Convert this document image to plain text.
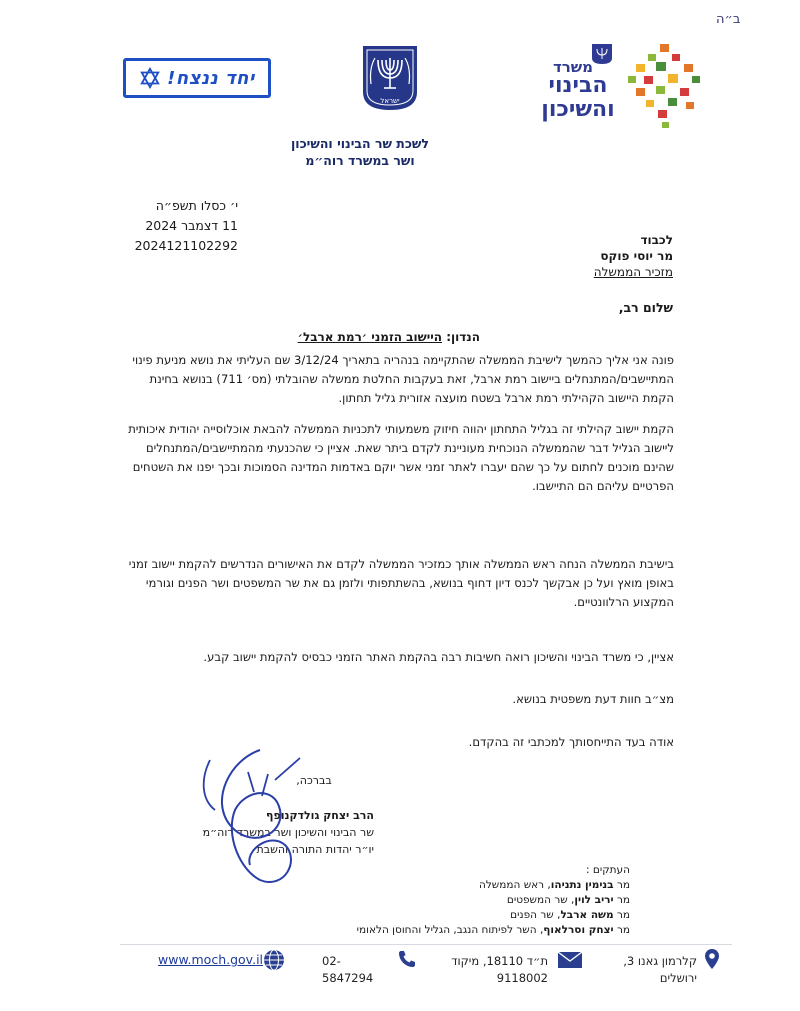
ב״ה
יחד ננצח!
ישראל
משרד
הבינוי
והשיכון
לשכת שר הבינוי והשיכון
ושר במשרד רוה״מ
י׳ כסלו תשפ״ה
11 דצמבר 2024
2024121102292	לכבוד
מר יוסי פוקס
מזכיר הממשלה
שלום רב,
הנדון: היישוב הזמני ׳רמת ארבל׳
פונה אני אליך כהמשך לישיבת הממשלה שהתקיימה בנהריה בתאריך 3/12/24 שם העליתי את נושא מניעת פינוי המתיישבים/המתנחלים ביישוב רמת ארבל, זאת בעקבות החלטת ממשלה שהובלתי (מס׳ 711) בנושא בחינת הקמת היישוב הקהילתי רמת ארבל בשטח מועצה אזורית גליל תחתון.
הקמת יישוב קהילתי זה בגליל התחתון יהווה חיזוק משמעותי לתכניות הממשלה להבאת אוכלוסייה יהודית איכותית ליישוב הגליל דבר שהממשלה הנוכחית מעוניינת לקדם ביתר שאת. אציין כי שהכנעתי מהמתיישבים/המתנחלים שהינם מוכנים לחתום על כך שהם יעברו לאתר זמני אשר יוקם באדמות המדינה הסמוכות ובכך יפנו את השטחים הפרטיים עליהם הם התיישבו.
בישיבת הממשלה הנחה ראש הממשלה אותך כמזכיר הממשלה לקדם את האישורים הנדרשים להקמת יישוב זמני באופן מואץ ועל כן אבקשך לכנס דיון דחוף בנושא, בהשתתפותי ולזמן גם את שר המשפטים ושר הפנים וגורמי המקצוע הרלוונטיים.
אציין, כי משרד הבינוי והשיכון רואה חשיבות רבה בהקמת האתר הזמני כבסיס להקמת יישוב קבע.
מצ״ב חוות דעת משפטית בנושא.
אודה בעד התייחסותך למכתבי זה בהקדם.
בברכה,
הרב יצחק גולדקנופף
שר הבינוי והשיכון ושר במשרד רוה״מ
יו״ר יהדות התורה והשבת
העתקים :
מר בנימין נתניהו, ראש הממשלה
מר יריב לוין, שר המשפטים
מר משה ארבל, שר הפנים
מר יצחק וסרלאוף, השר לפיתוח הנגב, הגליל והחוסן הלאומי
קלרמון גאנו 3,
ירושלים
ת״ד 18110, מיקוד
9118002
02-5847294
www.moch.gov.il
